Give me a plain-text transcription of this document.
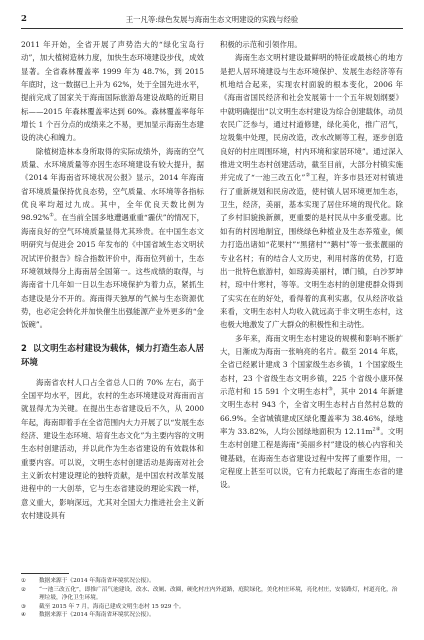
2	王一凡等:绿色发展与海南生态文明建设的实践与经验

2011 年开始，全省开展了声势浩大的“绿化宝岛行动”，加大植树造林力度，加快生态环境建设步伐，成效显著。全省森林覆盖率 1999 年为 48.7%，到 2015 年底时，这一数据已上升为 62%，处于全国先进水平，提前完成了国家关于海南国际旅游岛建设战略的近期目标——2015 年森林覆盖率达到 60%。森林覆盖率每年增长 1 个百分点的成绩来之不易，更加显示海南生态建设的决心和魄力。

除植树造林本身所取得的实际成绩外，海南的空气质量、水环境质量等亦因生态环境建设有较大提升，据《2014 年海南省环境状况公报》显示，2014 年海南省环境质量保持优良态势，空气质量、水环境等各指标优良率均超过九成。其中，全年优良天数比例为 98.92%①。在当前全国多地遭遇重重“霾伏”的情况下，海南良好的空气环境质量显得尤其珍贵。在中国生态文明研究与促进会 2015 年发布的《中国省域生态文明状况试评价报告》综合指数评价中，海南位列前十，生态环境领域得分上海南居全国第一。这些成绩的取得，与海南省十几年如一日以生态环境保护为着力点，紧抓生态建设是分不开的。海南得天独厚的气候与生态资源优势，也必定会转化并加快催生出强能源产业外更多的“金饭碗”。

2 以文明生态村建设为载体，倾力打造生态人居环境

海南省农村人口占全省总人口的 70% 左右，高于全国平均水平，因此，农村的生态环境建设对海南而言就显得尤为关键。在提出生态省建设后不久，从 2000 年起，海南即着手在全省范围内大力开展了以“发展生态经济、建设生态环境、培育生态文化”为主要内容的文明生态村创建活动，并以此作为生态省建设的有效载体和重要内容。可以说，文明生态村创建活动是海南对社会主义新农村建设理论的独特贡献，是中国农村改革发展进程中的一大创举，它与生态省建设的理论实践一样，意义重大，影响深远，尤其对全国大力推进社会主义新农村建设具有

积极的示范和引领作用。

海南生态文明村建设最鲜明的特征或最核心的地方是把人居环境建设与生态环境保护、发展生态经济等有机地结合起来，实现农村面貌的根本变化，2006 年《海南省国民经济和社会发展第十一个五年规划纲要》中就明确提出“以文明生态村建设为综合创建载体，动员农民广泛参与，通过村道修建，绿化美化，推广沼气，垃圾集中处理，民房改造，改水改厕等工程，逐步创造良好的村庄周围环境，村内环境和家居环境”。通过深入推进文明生态村创建活动，截至目前，大部分村镇实施并完成了“一池三改五化”②工程，许多市县还对村镇进行了重新规划和民房改造，使村镇人居环境更加生态，卫生，经济，美丽，基本实现了居住环境的现代化。除了乡村旧貌换新颜，更重要的是村民从中多重受惠。比如有的村因地制宜，围绕绿色种植业及生态养殖业，倾力打造出诸如“花果村”“黑猪村”“鹅村”等一张张靓丽的专业名村；有的结合人文历史，利用村落的优势，打造出一批特色旅游村，如琼海美丽村，谭门镇，白沙罗坤村，琼中什寒村，等等。文明生态村的创建使群众得到了实实在在的好处，看得着的真利实惠，仅从经济收益来看，文明生态村人均收入就远高于非文明生态村，这也极大地激发了广大群众的积极性和主动性。

多年来，海南文明生态村建设的规模和影响不断扩大，日渐成为海南一张响亮的名片。截至 2014 年底，全省已经累计建成 3 个国家级生态乡镇，1 个国家级生态村，23 个省级生态文明乡镇，225 个省级小康环保示范村和 15 591 个文明生态村③，其中 2014 年新建文明生态村 943 个，全省文明生态村占自然村总数的 66.9%。全省城镇建成区绿化覆盖率为 38.46%，绿地率为 33.82%，人均公园绿地面积为 $12.11m^{2④}$。文明生态村创建工程是海南“美丽乡村”建设的核心内容和关键基础，在海南生态省建设过程中发挥了重要作用，一定程度上甚至可以说，它有力托载起了海南生态省的建设。

①	数据来源于《2014 年海南省环境状况公报》。
②	“一池三改五化”，即推广沼气池建设，改水、改厕、改圈，硬化村庄内外道路，庭院绿化，美化村庄环境，亮化村庄，安装路灯，村道亮化，治理垃圾，净化卫生环境。
③	截至 2015 年 7 月，海南已建成文明生态村 15 929 个。
④	数据来源于《2014 年海南省环境状况公报》。
